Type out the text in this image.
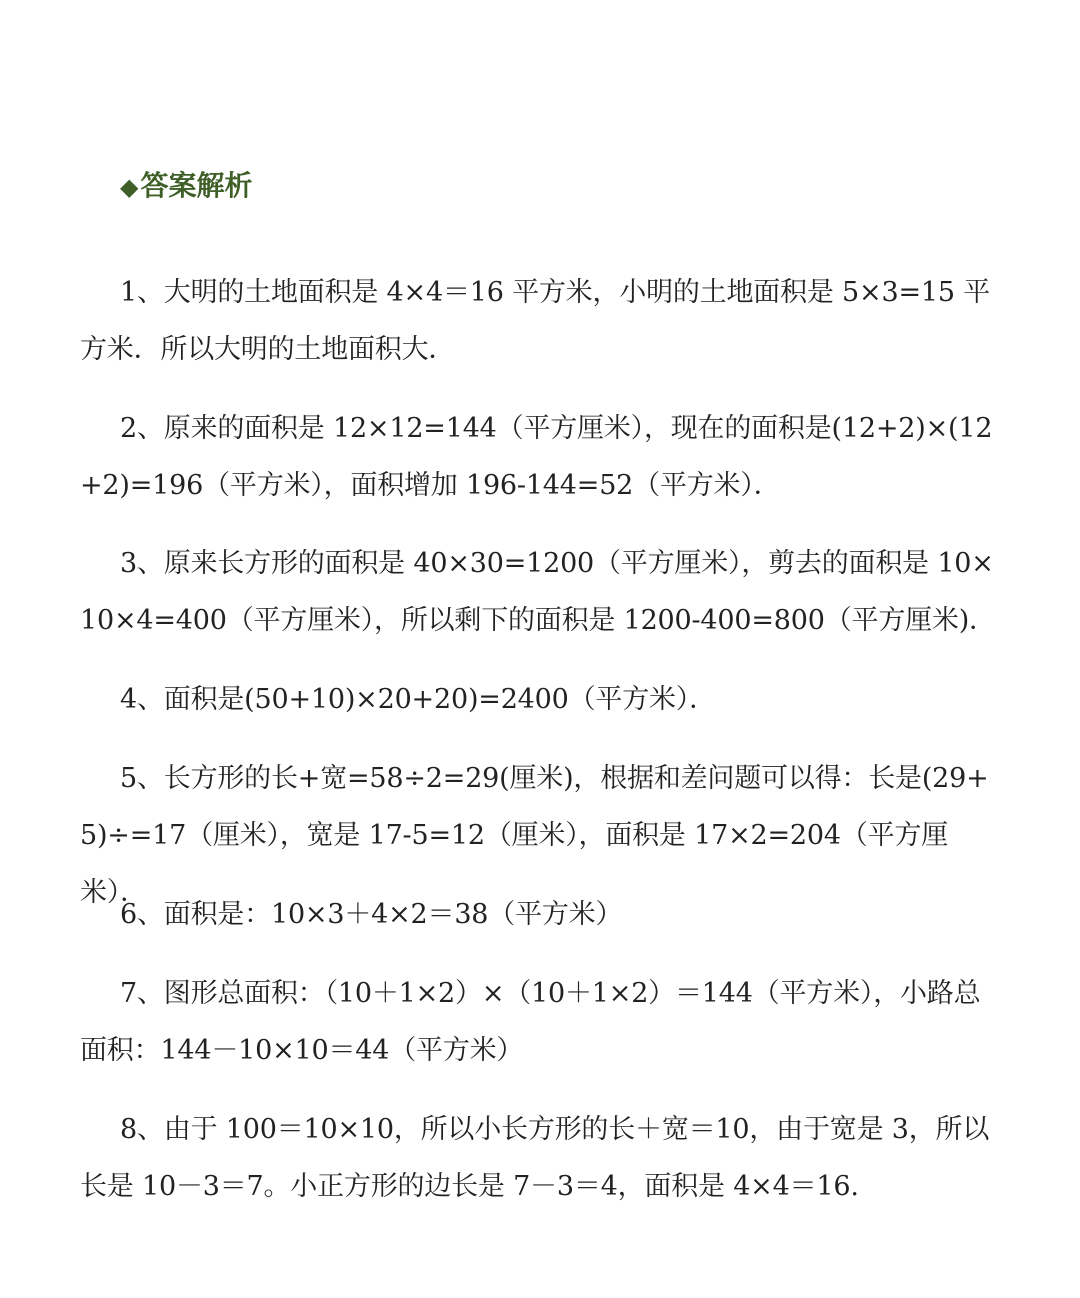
◆答案解析

1、大明的土地面积是 4×4＝16 平方米，小明的土地面积是 5×3=15 平方米．所以大明的土地面积大．

2、原来的面积是 12×12=144（平方厘米），现在的面积是(12+2)×(12+2)=196（平方米），面积增加 196-144=52（平方米）．

3、原来长方形的面积是 40×30=1200（平方厘米），剪去的面积是 10×10×4=400（平方厘米），所以剩下的面积是 1200-400=800（平方厘米)．

4、面积是(50+10)×20+20)=2400（平方米）．

5、长方形的长+宽=58÷2=29(厘米)，根据和差问题可以得：长是(29+5)÷=17（厘米），宽是 17-5=12（厘米），面积是 17×2=204（平方厘米）．

6、面积是：10×3＋4×2＝38（平方米）

7、图形总面积：（10＋1×2）×（10＋1×2）＝144（平方米），小路总面积：144－10×10＝44（平方米）

8、由于 100＝10×10，所以小长方形的长＋宽＝10，由于宽是 3，所以长是 10－3＝7。小正方形的边长是 7－3＝4，面积是 4×4＝16.
